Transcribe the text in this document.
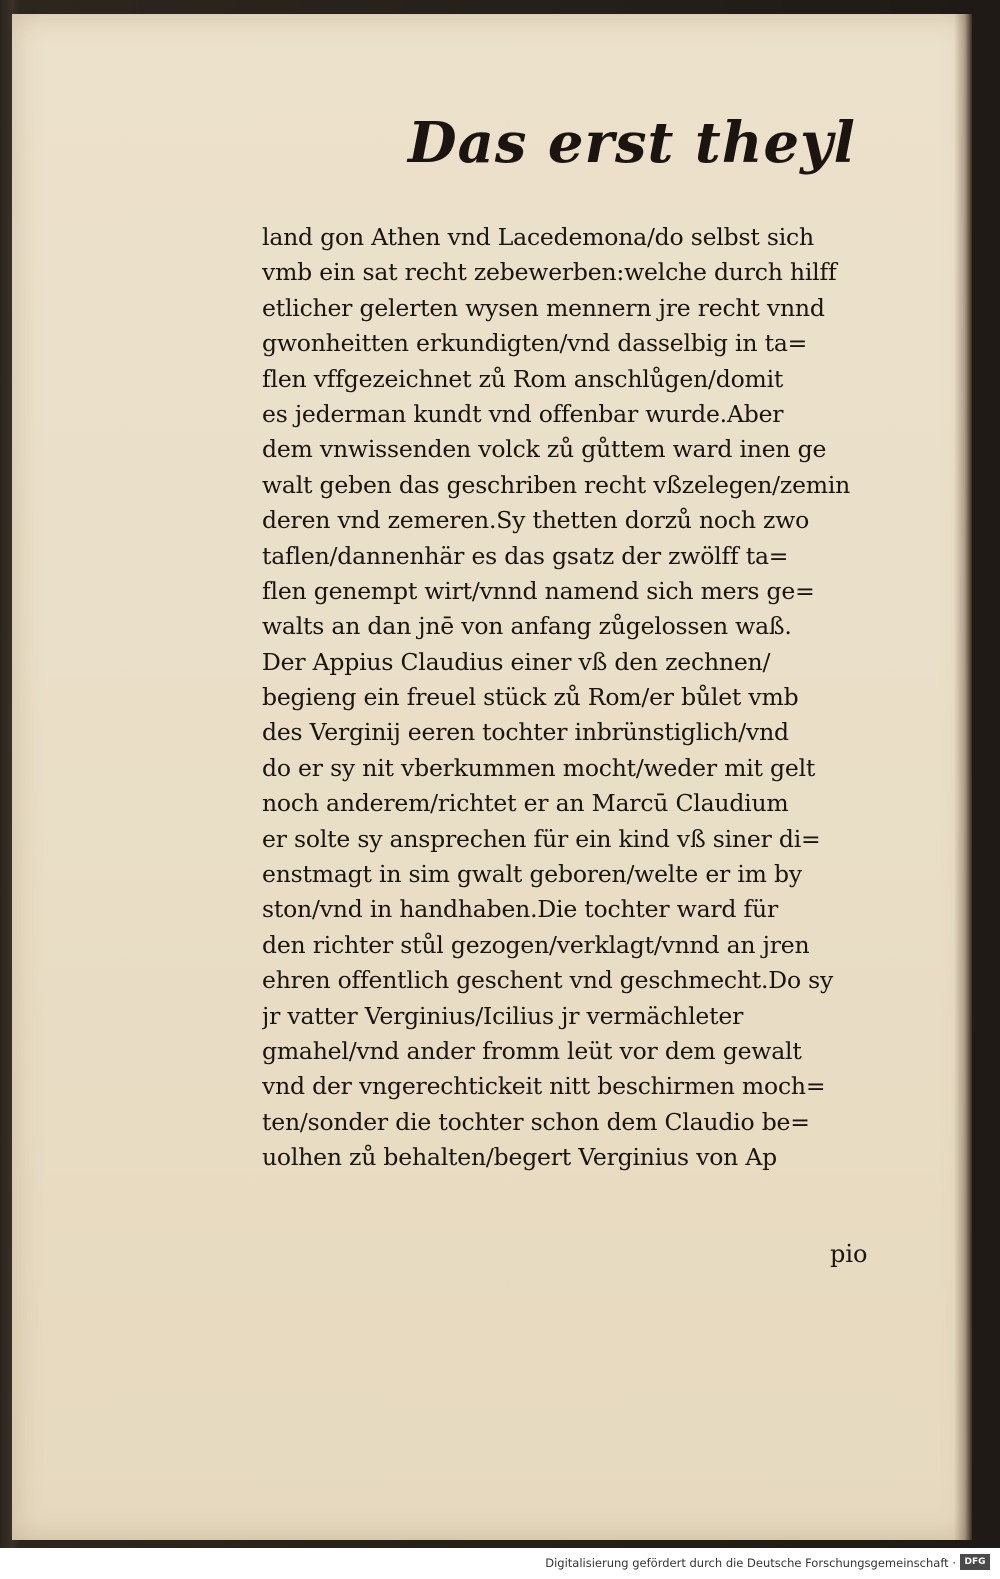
Das erst theyl
land gon Athen vnd Lacedemona/do selbst sich
vmb ein sat recht zebewerben:welche durch hilff
etlicher gelerten wysen mennern jre recht vnnd
gwonheitten erkundigten/vnd dasselbig in ta=
flen vffgezeichnet zů Rom anschlůgen/domit
es jederman kundt vnd offenbar wurde.Aber
dem vnwissenden volck zů gůttem ward inen ge
walt geben das geschriben recht vßzelegen/zemin
deren vnd zemeren.Sy thetten dorzů noch zwo
taflen/dannenhär es das gsatz der zwölff ta=
flen genempt wirt/vnnd namend sich mers ge=
walts an dan jnē von anfang zůgelossen waß.
Der Appius Claudius einer vß den zechnen/
begieng ein freuel stück zů Rom/er bůlet vmb
des Verginij eeren tochter inbrünstiglich/vnd
do er sy nit vberkummen mocht/weder mit gelt
noch anderem/richtet er an Marcū Claudium
er solte sy ansprechen für ein kind vß siner di=
enstmagt in sim gwalt geboren/welte er im by
ston/vnd in handhaben.Die tochter ward für
den richter stůl gezogen/verklagt/vnnd an jren
ehren offentlich geschent vnd geschmecht.Do sy
jr vatter Verginius/Icilius jr vermächleter
gmahel/vnd ander fromm leüt vor dem gewalt
vnd der vngerechtickeit nitt beschirmen moch=
ten/sonder die tochter schon dem Claudio be=
uolhen zů behalten/begert Verginius von Ap
pio
Digitalisierung gefördert durch die Deutsche Forschungsgemeinschaft · DFG
